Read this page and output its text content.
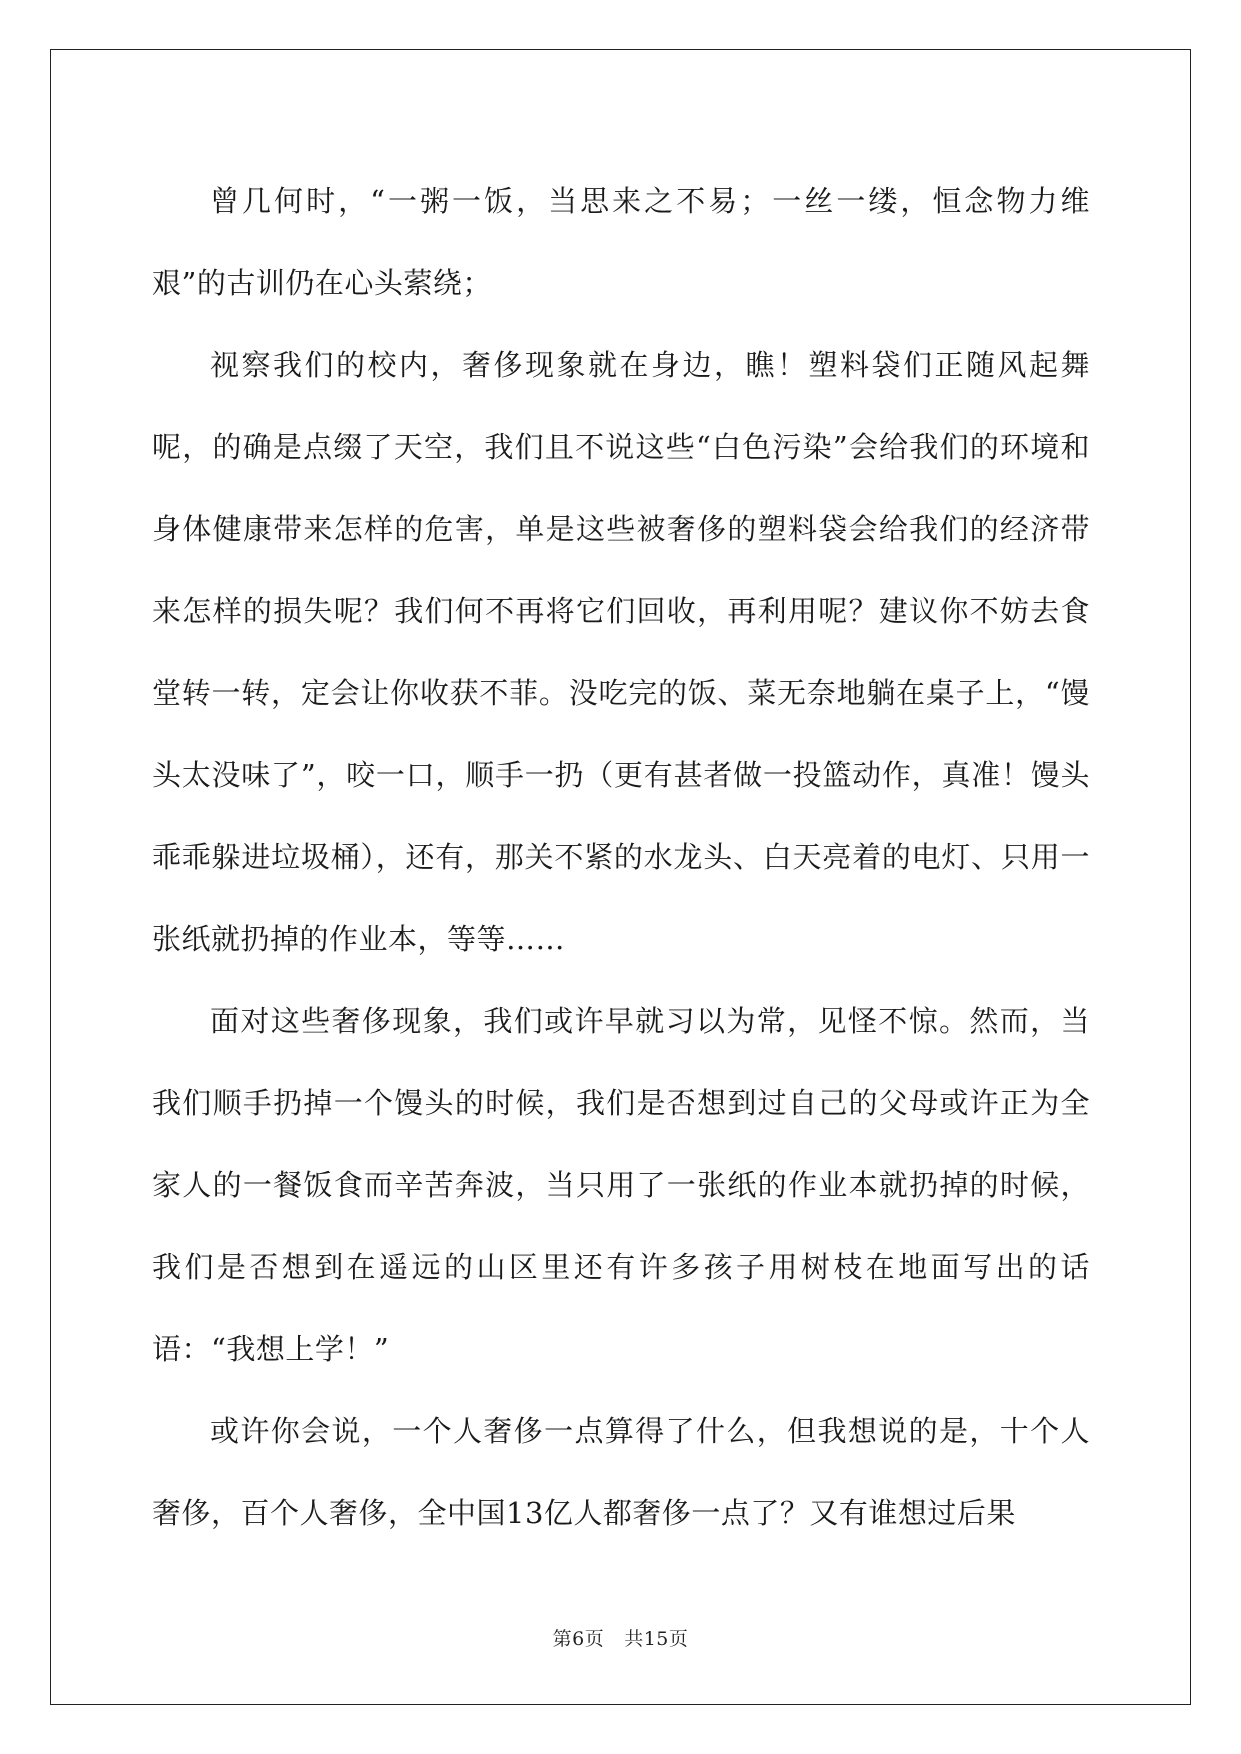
曾几何时，“一粥一饭，当思来之不易；一丝一缕，恒念物力维艰”的古训仍在心头萦绕；

视察我们的校内，奢侈现象就在身边，瞧！塑料袋们正随风起舞呢，的确是点缀了天空，我们且不说这些“白色污染”会给我们的环境和身体健康带来怎样的危害，单是这些被奢侈的塑料袋会给我们的经济带来怎样的损失呢？我们何不再将它们回收，再利用呢？建议你不妨去食堂转一转，定会让你收获不菲。没吃完的饭、菜无奈地躺在桌子上，“馒头太没味了”，咬一口，顺手一扔（更有甚者做一投篮动作，真准！馒头乖乖躲进垃圾桶），还有，那关不紧的水龙头、白天亮着的电灯、只用一张纸就扔掉的作业本，等等……

面对这些奢侈现象，我们或许早就习以为常，见怪不惊。然而，当我们顺手扔掉一个馒头的时候，我们是否想到过自己的父母或许正为全家人的一餐饭食而辛苦奔波，当只用了一张纸的作业本就扔掉的时候，我们是否想到在遥远的山区里还有许多孩子用树枝在地面写出的话语：“我想上学！”

或许你会说，一个人奢侈一点算得了什么，但我想说的是，十个人奢侈，百个人奢侈，全中国13亿人都奢侈一点了？又有谁想过后果

第6页 共15页
